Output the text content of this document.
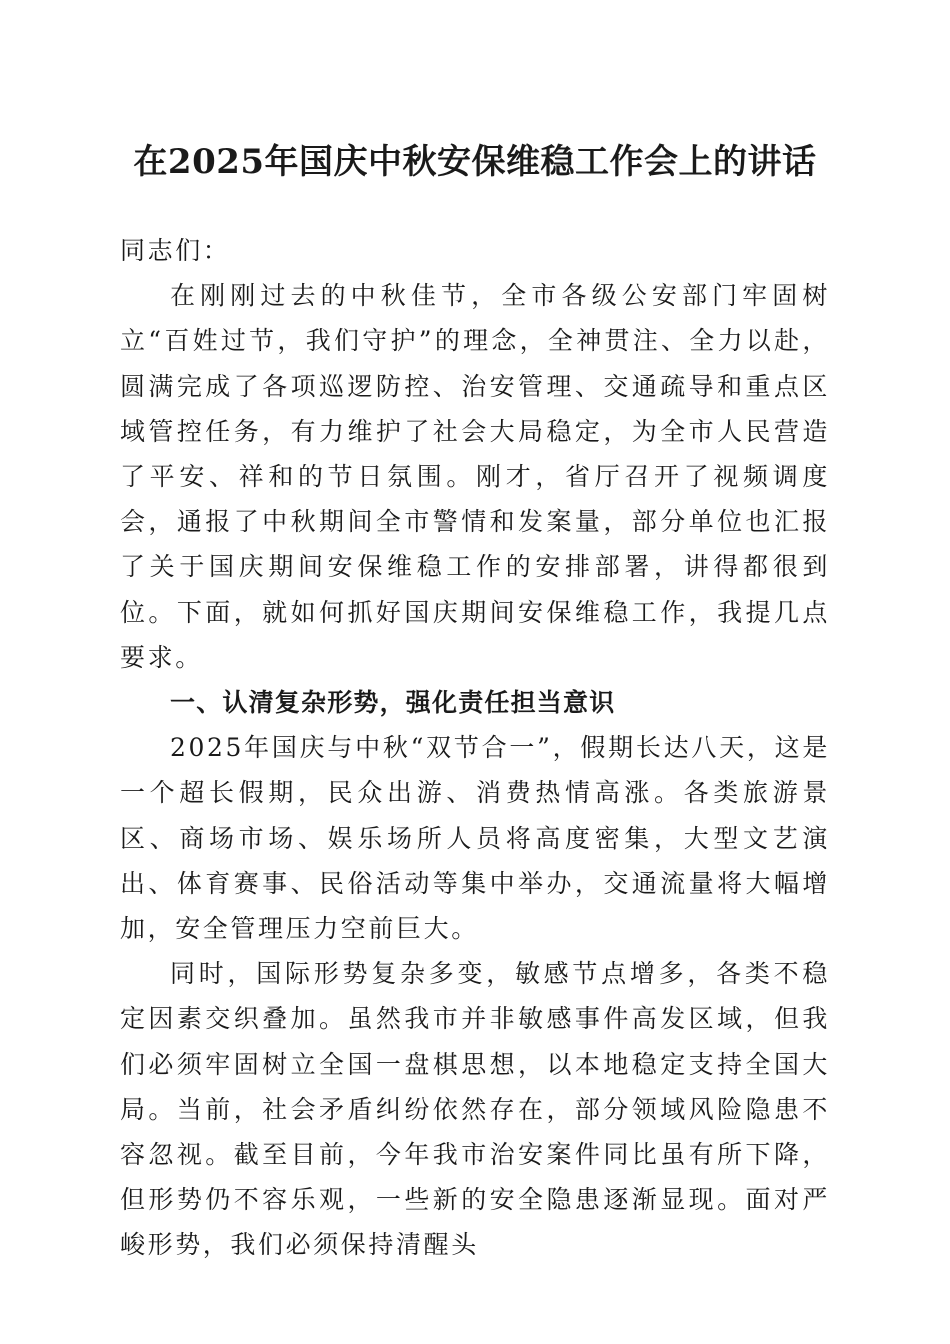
在2025年国庆中秋安保维稳工作会上的讲话

同志们：

在刚刚过去的中秋佳节，全市各级公安部门牢固树立“百姓过节，我们守护”的理念，全神贯注、全力以赴，圆满完成了各项巡逻防控、治安管理、交通疏导和重点区域管控任务，有力维护了社会大局稳定，为全市人民营造了平安、祥和的节日氛围。刚才，省厅召开了视频调度会，通报了中秋期间全市警情和发案量，部分单位也汇报了关于国庆期间安保维稳工作的安排部署，讲得都很到位。下面，就如何抓好国庆期间安保维稳工作，我提几点要求。

一、认清复杂形势，强化责任担当意识

2025年国庆与中秋“双节合一”，假期长达八天，这是一个超长假期，民众出游、消费热情高涨。各类旅游景区、商场市场、娱乐场所人员将高度密集，大型文艺演出、体育赛事、民俗活动等集中举办，交通流量将大幅增加，安全管理压力空前巨大。

同时，国际形势复杂多变，敏感节点增多，各类不稳定因素交织叠加。虽然我市并非敏感事件高发区域，但我们必须牢固树立全国一盘棋思想，以本地稳定支持全国大局。当前，社会矛盾纠纷依然存在，部分领域风险隐患不容忽视。截至目前，今年我市治安案件同比虽有所下降，但形势仍不容乐观，一些新的安全隐患逐渐显现。面对严峻形势，我们必须保持清醒头
